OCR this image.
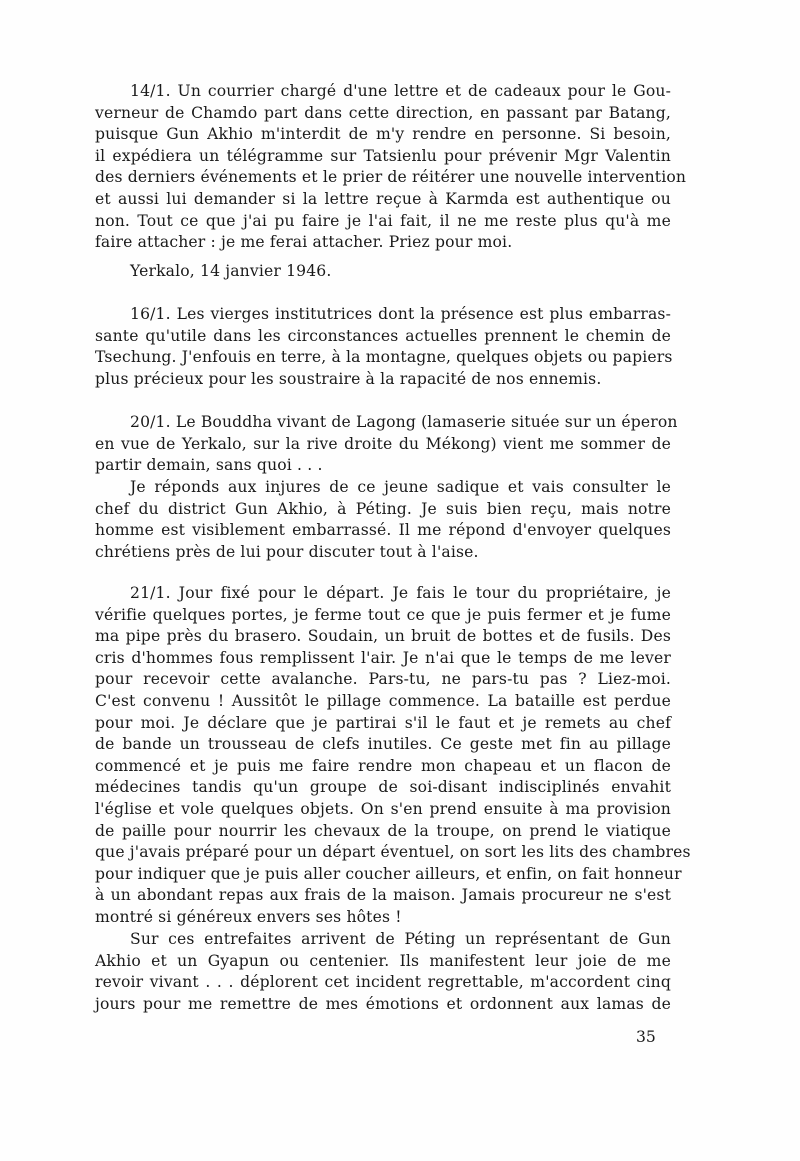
14/1. Un courrier chargé d'une lettre et de cadeaux pour le Gou-
verneur de Chamdo part dans cette direction, en passant par Batang,
puisque Gun Akhio m'interdit de m'y rendre en personne. Si besoin,
il expédiera un télégramme sur Tatsienlu pour prévenir Mgr Valentin
des derniers événements et le prier de réitérer une nouvelle intervention
et aussi lui demander si la lettre reçue à Karmda est authentique ou
non. Tout ce que j'ai pu faire je l'ai fait, il ne me reste plus qu'à me
faire attacher : je me ferai attacher. Priez pour moi.
Yerkalo, 14 janvier 1946.
16/1. Les vierges institutrices dont la présence est plus embarras-
sante qu'utile dans les circonstances actuelles prennent le chemin de
Tsechung. J'enfouis en terre, à la montagne, quelques objets ou papiers
plus précieux pour les soustraire à la rapacité de nos ennemis.
20/1. Le Bouddha vivant de Lagong (lamaserie située sur un éperon
en vue de Yerkalo, sur la rive droite du Mékong) vient me sommer de
partir demain, sans quoi . . .
Je réponds aux injures de ce jeune sadique et vais consulter le
chef du district Gun Akhio, à Péting. Je suis bien reçu, mais notre
homme est visiblement embarrassé. Il me répond d'envoyer quelques
chrétiens près de lui pour discuter tout à l'aise.
21/1. Jour fixé pour le départ. Je fais le tour du propriétaire, je
vérifie quelques portes, je ferme tout ce que je puis fermer et je fume
ma pipe près du brasero. Soudain, un bruit de bottes et de fusils. Des
cris d'hommes fous remplissent l'air. Je n'ai que le temps de me lever
pour recevoir cette avalanche. Pars-tu, ne pars-tu pas ? Liez-moi.
C'est convenu ! Aussitôt le pillage commence. La bataille est perdue
pour moi. Je déclare que je partirai s'il le faut et je remets au chef
de bande un trousseau de clefs inutiles. Ce geste met fin au pillage
commencé et je puis me faire rendre mon chapeau et un flacon de
médecines tandis qu'un groupe de soi-disant indisciplinés envahit
l'église et vole quelques objets. On s'en prend ensuite à ma provision
de paille pour nourrir les chevaux de la troupe, on prend le viatique
que j'avais préparé pour un départ éventuel, on sort les lits des chambres
pour indiquer que je puis aller coucher ailleurs, et enfin, on fait honneur
à un abondant repas aux frais de la maison. Jamais procureur ne s'est
montré si généreux envers ses hôtes !
Sur ces entrefaites arrivent de Péting un représentant de Gun
Akhio et un Gyapun ou centenier. Ils manifestent leur joie de me
revoir vivant . . . déplorent cet incident regrettable, m'accordent cinq
jours pour me remettre de mes émotions et ordonnent aux lamas de
35
